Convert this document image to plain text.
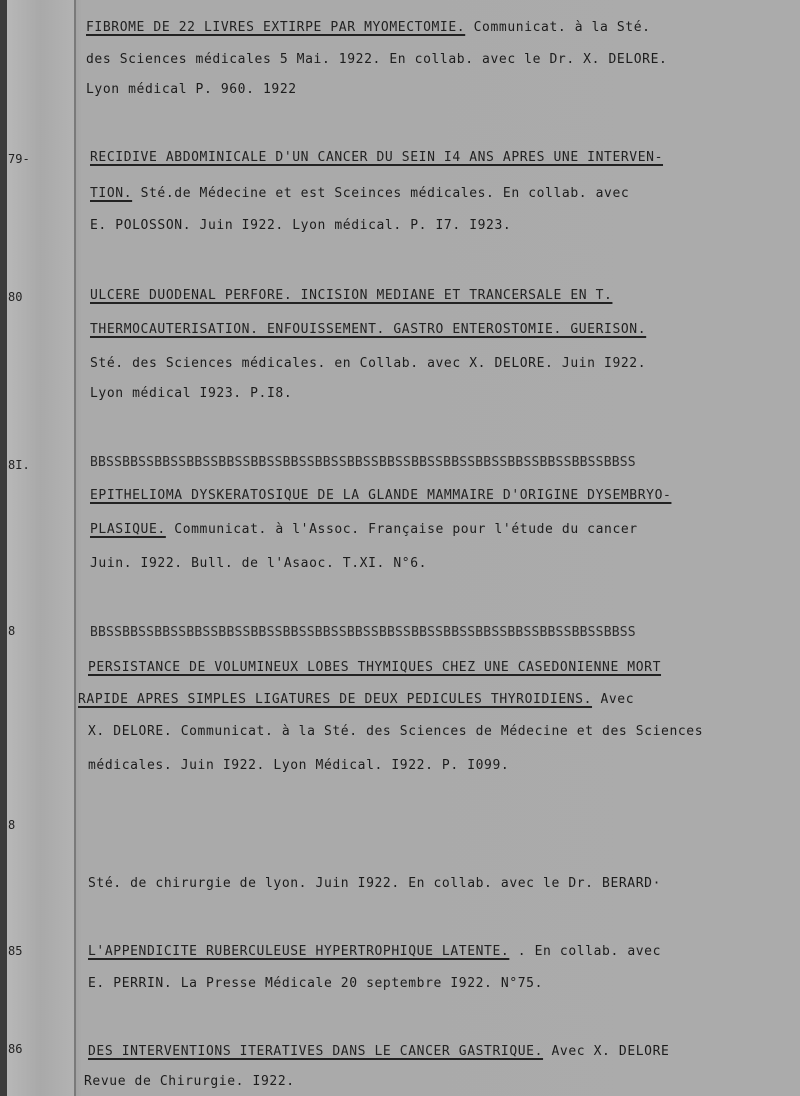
FIBROME DE 22 LIVRES EXTIRPE PAR MYOMECTOMIE. Communicat. à la Sté.
des Sciences médicales 5 Mai. 1922. En collab. avec le Dr. X. DELORE.
Lyon médical P. 960. 1922
79-	RECIDIVE ABDOMINICALE D'UN CANCER DU SEIN I4 ANS APRES UNE INTERVEN-
TION. Sté.de Médecine et est Sceinces médicales. En collab. avec
E. POLOSSON. Juin I922. Lyon médical. P. I7. I923.
80	ULCERE DUODENAL PERFORE. INCISION MEDIANE ET TRANCERSALE EN T.
THERMOCAUTERISATION. ENFOUISSEMENT. GASTRO ENTEROSTOMIE. GUERISON.
Sté. des Sciences médicales. en Collab. avec X. DELORE. Juin I922.
Lyon médical I923. P.I8.
8I.	BBSSBBSSBBSSBBSSBBSSBBSSBBSSBBSSBBSSBBSSBBSSBBSSBBSSBBSSBBSSBBSSBBSS
EPITHELIOMA DYSKERATOSIQUE DE LA GLANDE MAMMAIRE D'ORIGINE DYSEMBRYO-
PLASIQUE. Communicat. à l'Assoc. Française pour l'étude du cancer
Juin. I922. Bull. de l'Asaoc. T.XI. N°6.
8	BBSSBBSSBBSSBBSSBBSSBBSSBBSSBBSSBBSSBBSSBBSSBBSSBBSSBBSSBBSSBBSSBBSS
PERSISTANCE DE VOLUMINEUX LOBES THYMIQUES CHEZ UNE CASEDONIENNE MORT
RAPIDE APRES SIMPLES LIGATURES DE DEUX PEDICULES THYROIDIENS. Avec
X. DELORE. Communicat. à la Sté. des Sciences de Médecine et des Sciences
médicales. Juin I922. Lyon Médical. I922. P. I099.
8
Sté. de chirurgie de lyon. Juin I922. En collab. avec le Dr. BERARD·
85	L'APPENDICITE RUBERCULEUSE HYPERTROPHIQUE LATENTE. . En collab. avec
E. PERRIN. La Presse Médicale 20 septembre I922. N°75.
86	DES INTERVENTIONS ITERATIVES DANS LE CANCER GASTRIQUE. Avec X. DELORE
Revue de Chirurgie. I922.
